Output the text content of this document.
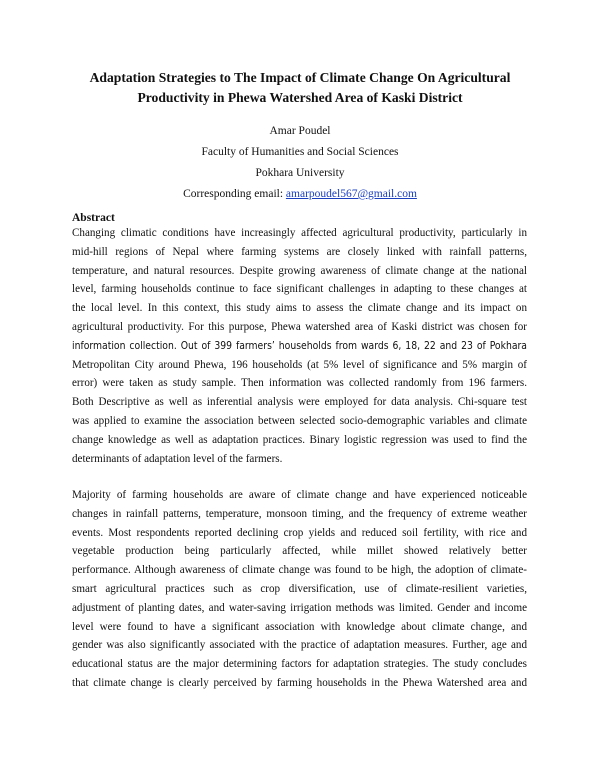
Adaptation Strategies to The Impact of Climate Change On Agricultural
Productivity in Phewa Watershed Area of Kaski District
Amar Poudel
Faculty of Humanities and Social Sciences
Pokhara University
Corresponding email: amarpoudel567@gmail.com
Abstract
Changing climatic conditions have increasingly affected agricultural productivity, particularly in
mid-hill regions of Nepal where farming systems are closely linked with rainfall patterns,
temperature, and natural resources. Despite growing awareness of climate change at the national
level, farming households continue to face significant challenges in adapting to these changes at
the local level. In this context, this study aims to assess the climate change and its impact on
agricultural productivity. For this purpose, Phewa watershed area of Kaski district was chosen for
information collection. Out of 399 farmers’ households from wards 6, 18, 22 and 23 of Pokhara
Metropolitan City around Phewa, 196 households (at 5% level of significance and 5% margin of
error) were taken as study sample. Then information was collected randomly from 196 farmers.
Both Descriptive as well as inferential analysis were employed for data analysis. Chi-square test
was applied to examine the association between selected socio-demographic variables and climate
change knowledge as well as adaptation practices. Binary logistic regression was used to find the
determinants of adaptation level of the farmers.
Majority of farming households are aware of climate change and have experienced noticeable
changes in rainfall patterns, temperature, monsoon timing, and the frequency of extreme weather
events. Most respondents reported declining crop yields and reduced soil fertility, with rice and
vegetable production being particularly affected, while millet showed relatively better
performance. Although awareness of climate change was found to be high, the adoption of climate-
smart agricultural practices such as crop diversification, use of climate-resilient varieties,
adjustment of planting dates, and water-saving irrigation methods was limited. Gender and income
level were found to have a significant association with knowledge about climate change, and
gender was also significantly associated with the practice of adaptation measures. Further, age and
educational status are the major determining factors for adaptation strategies. The study concludes
that climate change is clearly perceived by farming households in the Phewa Watershed area and
